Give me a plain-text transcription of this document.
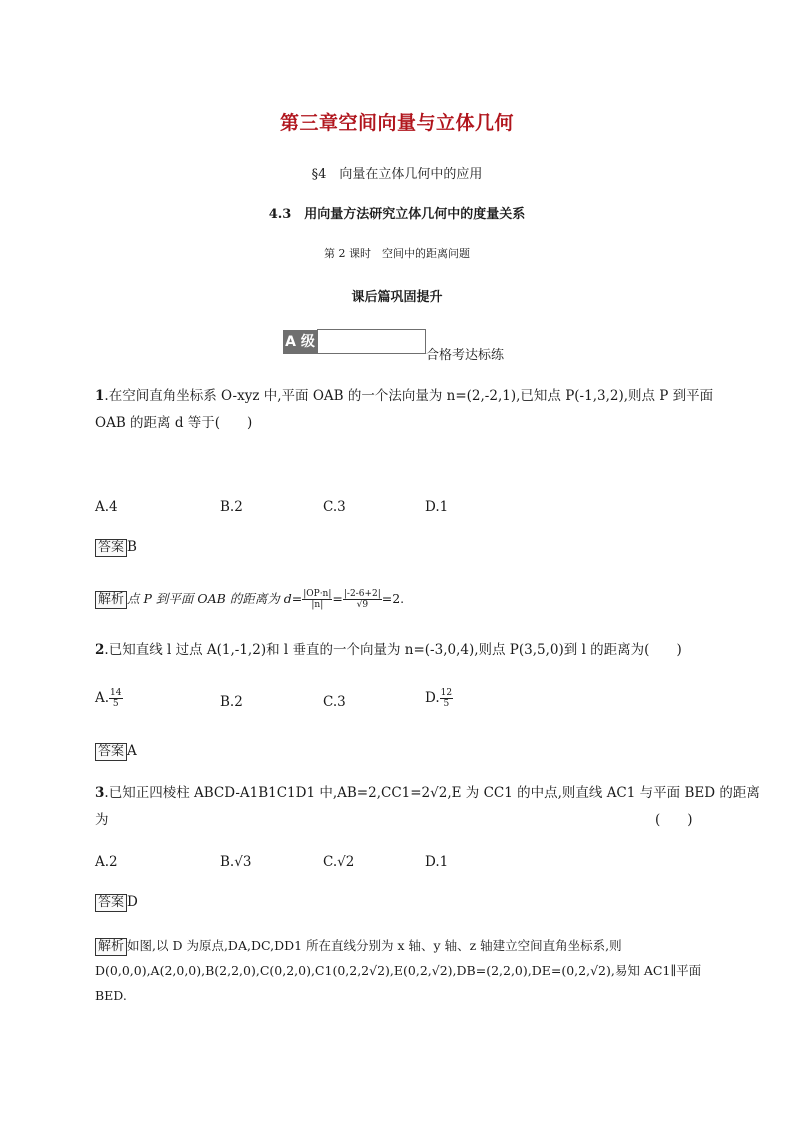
第三章空间向量与立体几何
§4　向量在立体几何中的应用
4.3　用向量方法研究立体几何中的度量关系
第 2 课时　空间中的距离问题
课后篇巩固提升
A 级
合格考达标练
1.在空间直角坐标系 O-xyz 中,平面 OAB 的一个法向量为 n=(2,-2,1),已知点 P(-1,3,2),则点 P 到平面
OAB 的距离 d 等于(　　)
A.4	B.2	C.3	D.1
答案 B
解析 点 P 到平面 OAB 的距离为 $d= \frac{|OP\cdot n|}{|n|} = \frac{|-2-6+2|}{√9} =2$.
2.已知直线 l 过点 A(1,-1,2)和 l 垂直的一个向量为 n=(-3,0,4),则点 P(3,5,0)到 l 的距离为(　　)
A. $\frac{14}{5}$	B.2	C.3	D. $\frac{12}{5}$
答案 A
3.已知正四棱柱 ABCD-A1B1C1D1 中,AB=2,CC1=2√2,E 为 CC1 的中点,则直线 AC1 与平面 BED 的距离
为	(　　)
A.2	B.√3	C.√2	D.1
答案 D
解析 如图,以 D 为原点,DA,DC,DD1 所在直线分别为 x 轴、y 轴、z 轴建立空间直角坐标系,则
D(0,0,0),A(2,0,0),B(2,2,0),C(0,2,0),C1(0,2,2√2),E(0,2,√2),DB=(2,2,0),DE=(0,2,√2),易知 AC1∥平面
BED.
